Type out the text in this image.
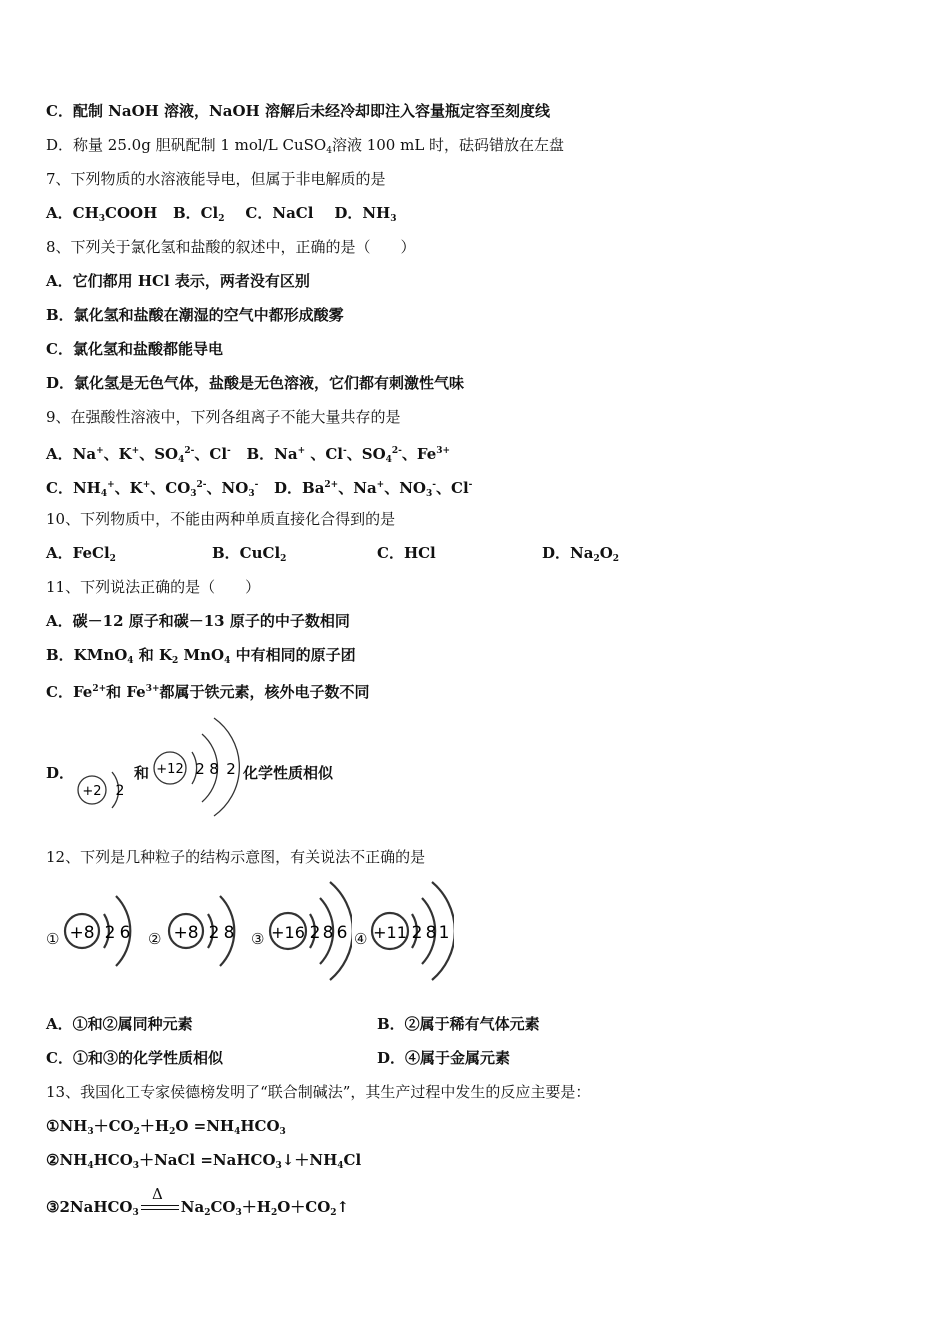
C．配制 NaOH 溶液，NaOH 溶解后未经冷却即注入容量瓶定容至刻度线
D．称量 25.0g 胆矾配制 1 mol/L CuSO$_4$溶液 100 mL 时，砝码错放在左盘
7、下列物质的水溶液能导电，但属于非电解质的是
A．$CH_3COOH$ B．$Cl_2$ C．NaCl D．$NH_3$
8、下列关于氯化氢和盐酸的叙述中，正确的是（　　）
A．它们都用 HCl 表示，两者没有区别
B．氯化氢和盐酸在潮湿的空气中都形成酸雾
C．氯化氢和盐酸都能导电
D．氯化氢是无色气体，盐酸是无色溶液，它们都有刺激性气味
9、在强酸性溶液中，下列各组离子不能大量共存的是
A．Na+、K+、$SO_4^{2-}$、Cl- B．Na+ 、Cl-、$SO_4^{2-}$、$Fe^{3+}$
C．$NH_4^+$、K+、$CO_3^{2-}$、$NO_3^-$ D．$Ba^{2+}$、Na+、$NO_3^-$、Cl-
10、下列物质中，不能由两种单质直接化合得到的是
A．FeCl$_2$	B．CuCl$_2$	C．HCl	D．$Na_2O_2$
11、下列说法正确的是（　　）
A．碳－12 原子和碳－13 原子的中子数相同
B．KMnO$_4$ 和 $K_2$ MnO$_4$ 中有相同的原子团
C．$Fe^{2+}$和 $Fe^{3+}$都属于铁元素，核外电子数不同
D．
+2 2
和 +12 2 8 2 化学性质相似
12、下列是几种粒子的结构示意图，有关说法不正确的是
① +8 2 6 ② +8 2 8 ③ +16 2 8 6 ④ +11 2 8 1
A．①和②属同种元素	B．②属于稀有气体元素
C．①和③的化学性质相似	D．④属于金属元素
13、我国化工专家侯德榜发明了“联合制碱法”，其生产过程中发生的反应主要是：
$①NH_3+CO_2+H_2O =NH_4HCO_3$
$②NH_4HCO_3+NaCl$ $=NaHCO_3↓+NH_4Cl$
③2NaHCO$_3$	$Na_2CO_3+H_2O+CO_2↑$
Δ
